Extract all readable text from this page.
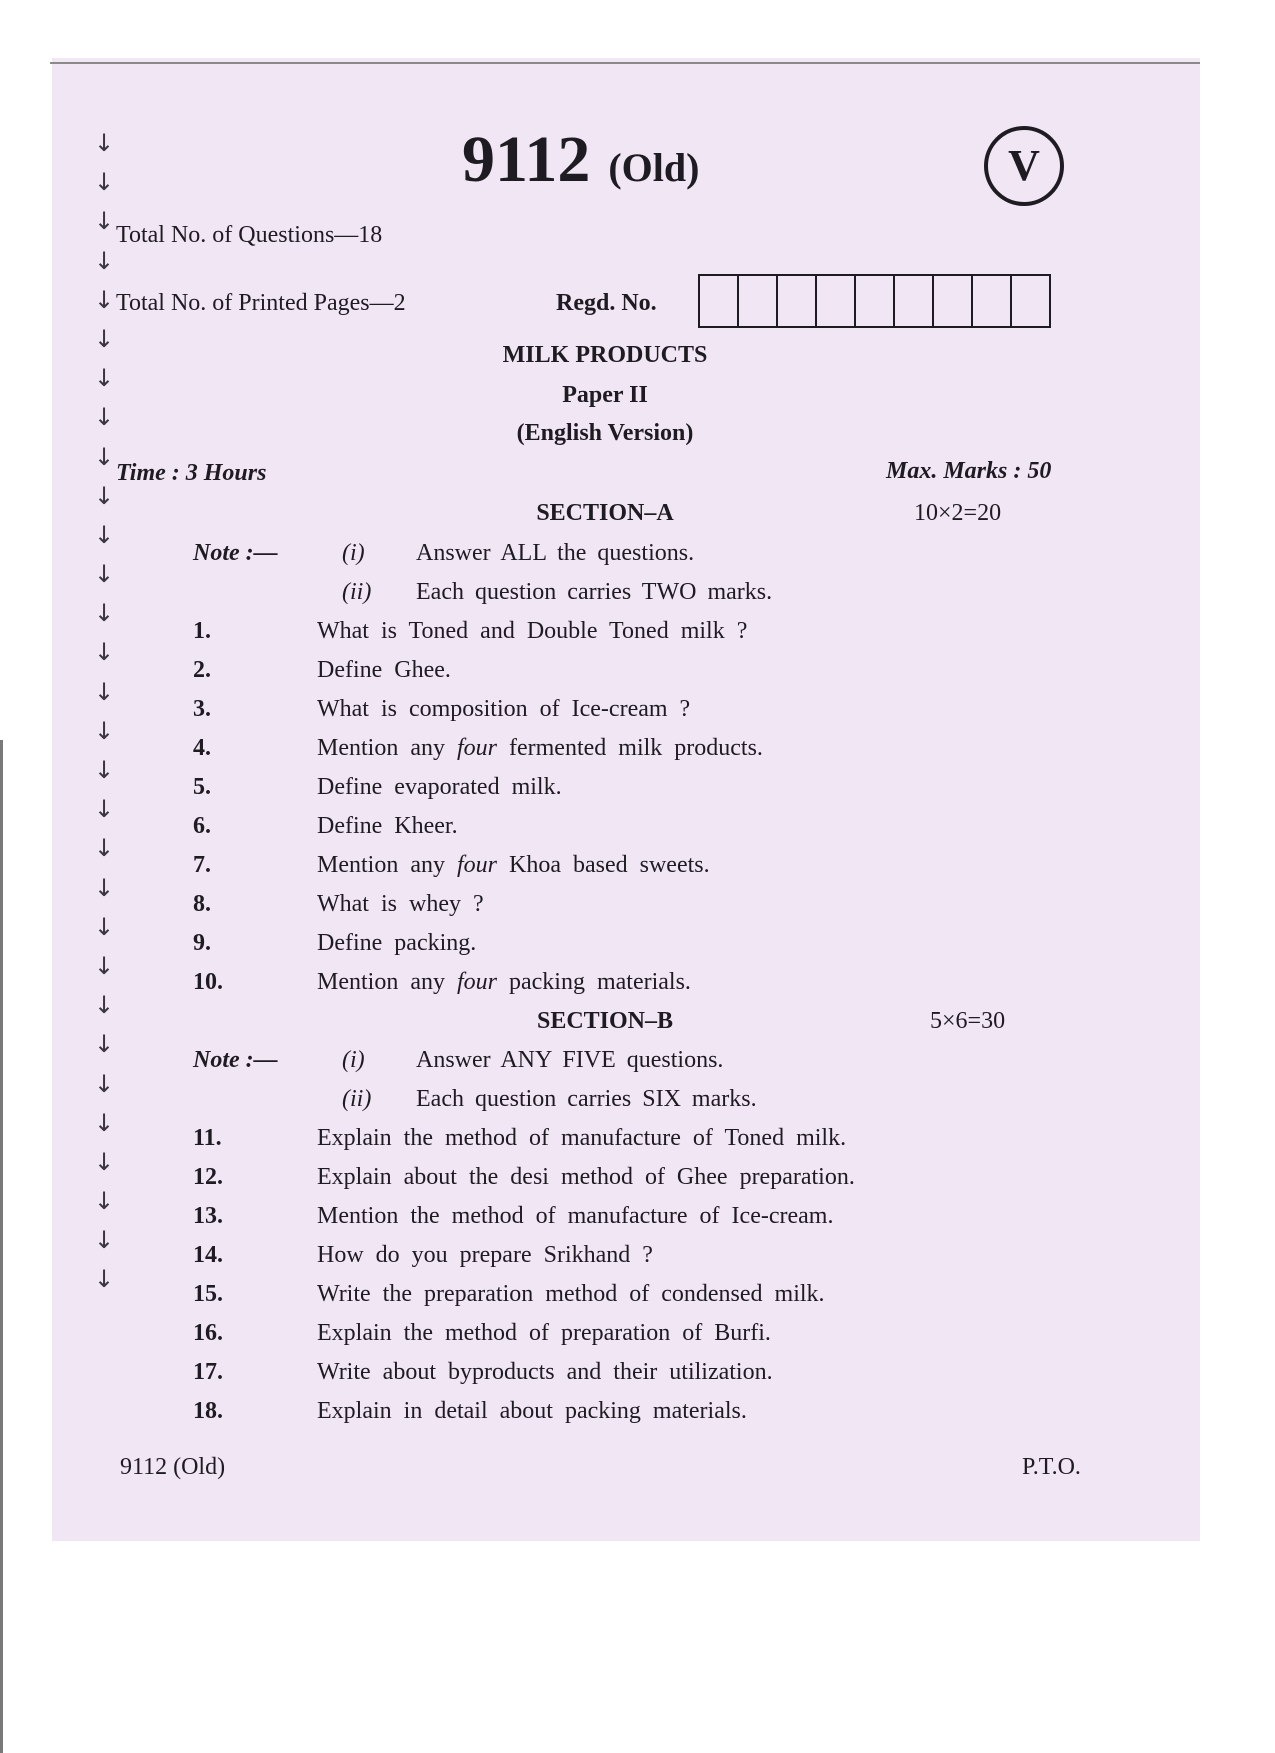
↓
↓
↓
↓
↓
↓
↓
↓
↓
↓
↓
↓
↓
↓
↓
↓
↓
↓
↓
↓
↓
↓
↓
↓
↓
↓
↓
↓
↓
↓
9112 (Old)	V
Total No. of Questions—18
Total No. of Printed Pages—2	Regd. No.
MILK PRODUCTS
Paper II
(English Version)
Time : 3 Hours	Max. Marks : 50
SECTION–A	10×2=20
Note :—	(i) Answer ALL the questions.
(ii) Each question carries TWO marks.
1.	What is Toned and Double Toned milk ?
2.	Define Ghee.
3.	What is composition of Ice-cream ?
4.	Mention any four fermented milk products.
5.	Define evaporated milk.
6.	Define Kheer.
7.	Mention any four Khoa based sweets.
8.	What is whey ?
9.	Define packing.
10.	Mention any four packing materials.
SECTION–B	5×6=30
Note :—	(i) Answer ANY FIVE questions.
(ii) Each question carries SIX marks.
11.	Explain the method of manufacture of Toned milk.
12.	Explain about the desi method of Ghee preparation.
13.	Mention the method of manufacture of Ice-cream.
14.	How do you prepare Srikhand ?
15.	Write the preparation method of condensed milk.
16.	Explain the method of preparation of Burfi.
17.	Write about byproducts and their utilization.
18.	Explain in detail about packing materials.
9112 (Old)	P.T.O.
